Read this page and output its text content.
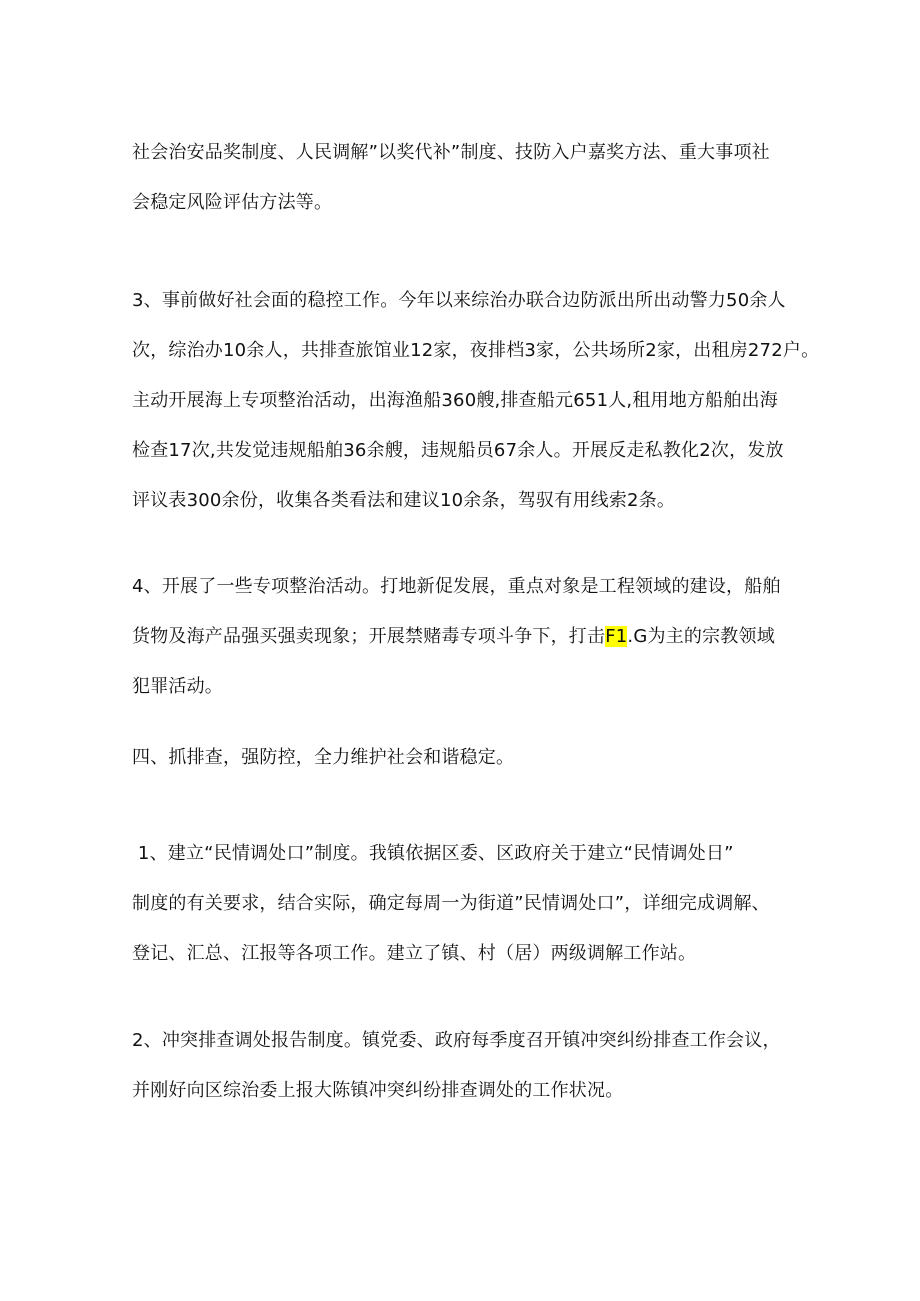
社会治安品奖制度、人民调解”以奖代补”制度、技防入户嘉奖方法、重大事项社
会稳定风险评估方法等。

3、事前做好社会面的稳控工作。今年以来综治办联合边防派出所出动警力50余人
次，综治办10余人，共排查旅馆业12家，夜排档3家，公共场所2家，出租房272户。
主动开展海上专项整治活动，出海渔船360艘,排查船元651人,租用地方船舶出海
检查17次,共发觉违规船舶36余艘，违规船员67余人。开展反走私教化2次，发放
评议表300余份，收集各类看法和建议10余条，驾驭有用线索2条。

4、开展了一些专项整治活动。打地新促发展，重点对象是工程领域的建设，船舶
货物及海产品强买强卖现象；开展禁赌毒专项斗争下，打击F1.G为主的宗教领域
犯罪活动。

四、抓排查，强防控，全力维护社会和谐稳定。

1、建立“民情调处口”制度。我镇依据区委、区政府关于建立“民情调处日”
制度的有关要求，结合实际，确定每周一为街道”民情调处口”，详细完成调解、
登记、汇总、江报等各项工作。建立了镇、村（居）两级调解工作站。

2、冲突排查调处报告制度。镇党委、政府每季度召开镇冲突纠纷排查工作会议，
并刚好向区综治委上报大陈镇冲突纠纷排查调处的工作状况。
